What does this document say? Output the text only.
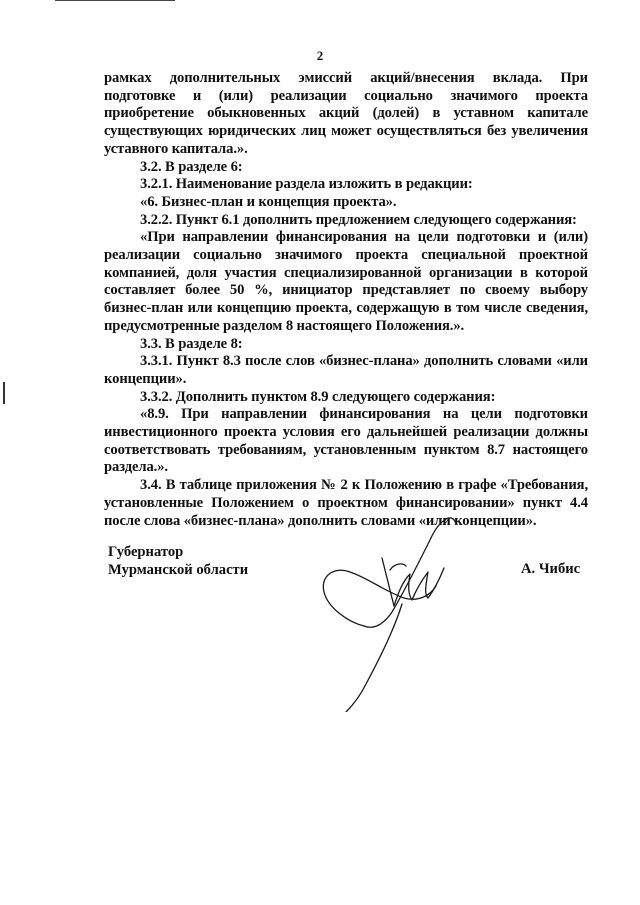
2

рамках дополнительных эмиссий акций/внесения вклада. При подготовке и (или) реализации социально значимого проекта приобретение обыкновенных акций (долей) в уставном капитале существующих юридических лиц может осуществляться без увеличения уставного капитала.».

3.2. В разделе 6:

3.2.1. Наименование раздела изложить в редакции:

«6. Бизнес-план и концепция проекта».

3.2.2. Пункт 6.1 дополнить предложением следующего содержания:

«При направлении финансирования на цели подготовки и (или) реализации социально значимого проекта специальной проектной компанией, доля участия специализированной организации в которой составляет более 50 %, инициатор представляет по своему выбору бизнес-план или концепцию проекта, содержащую в том числе сведения, предусмотренные разделом 8 настоящего Положения.».

3.3. В разделе 8:

3.3.1. Пункт 8.3 после слов «бизнес-плана» дополнить словами «или концепции».

3.3.2. Дополнить пунктом 8.9 следующего содержания:

«8.9. При направлении финансирования на цели подготовки инвестиционного проекта условия его дальнейшей реализации должны соответствовать требованиям, установленным пунктом 8.7 настоящего раздела.».

3.4. В таблице приложения № 2 к Положению в графе «Требования, установленные Положением о проектном финансировании» пункт 4.4 после слова «бизнес-плана» дополнить словами «или концепции».

Губернатор
Мурманской области	А. Чибис
